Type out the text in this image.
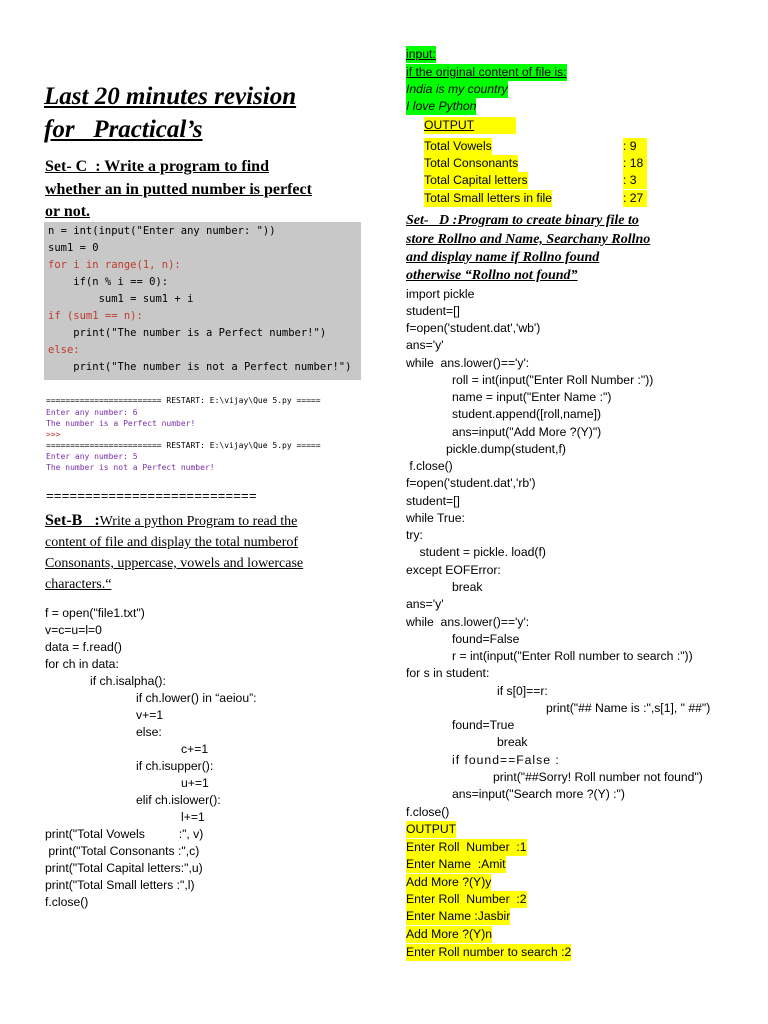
Last 20 minutes revision
for   Practical’s
Set- C  : Write a program to find
whether an in putted number is perfect
or not.
n = int(input("Enter any number: "))
sum1 = 0
for i in range(1, n):
if(n % i == 0):
sum1 = sum1 + i
if (sum1 == n):
print("The number is a Perfect number!")
else:
print("The number is not a Perfect number!")
======================== RESTART: E:\vijay\Que 5.py =====
Enter any number: 6
The number is a Perfect number!
>>>
======================== RESTART: E:\vijay\Que 5.py =====
Enter any number: 5
The number is not a Perfect number!
===========================
Set-B   :Write a python Program to read the
content of file and display the total numberof
Consonants, uppercase, vowels and lowercase
characters.“
f = open("file1.txt")
v=c=u=l=0
data = f.read()
for ch in data:
if ch.isalpha():
if ch.lower() in “aeiou”:
v+=1
else:
c+=1
if ch.isupper():
u+=1
elif ch.islower():
l+=1
print("Total Vowels          :", v)
print("Total Consonants :",c)
print("Total Capital letters:",u)
print("Total Small letters :",l)
f.close()
input:
if the original content of file is:
India is my country
I love Python
OUTPUT
Total Vowels	: 9
Total Consonants	: 18
Total Capital letters	: 3
Total Small letters in file	: 27
Set-   D :Program to create binary file to
store Rollno and Name, Searchany Rollno
and display name if Rollno found
otherwise “Rollno not found”
import pickle
student=[]
f=open('student.dat','wb')
ans='y'
while  ans.lower()=='y':
roll = int(input("Enter Roll Number :"))
name = input("Enter Name :")
student.append([roll,name])
ans=input("Add More ?(Y)")
pickle.dump(student,f)
f.close()
f=open('student.dat','rb')
student=[]
while True:
try:
student = pickle. load(f)
except EOFError:
break
ans='y'
while  ans.lower()=='y':
found=False
r = int(input("Enter Roll number to search :"))
for s in student:
if s[0]==r:
print("## Name is :",s[1], " ##")
found=True
break
if found==False :
print("##Sorry! Roll number not found")
ans=input("Search more ?(Y) :")
f.close()
OUTPUT
Enter Roll  Number  :1
Enter Name  :Amit
Add More ?(Y)y
Enter Roll  Number  :2
Enter Name :Jasbir
Add More ?(Y)n
Enter Roll number to search :2
